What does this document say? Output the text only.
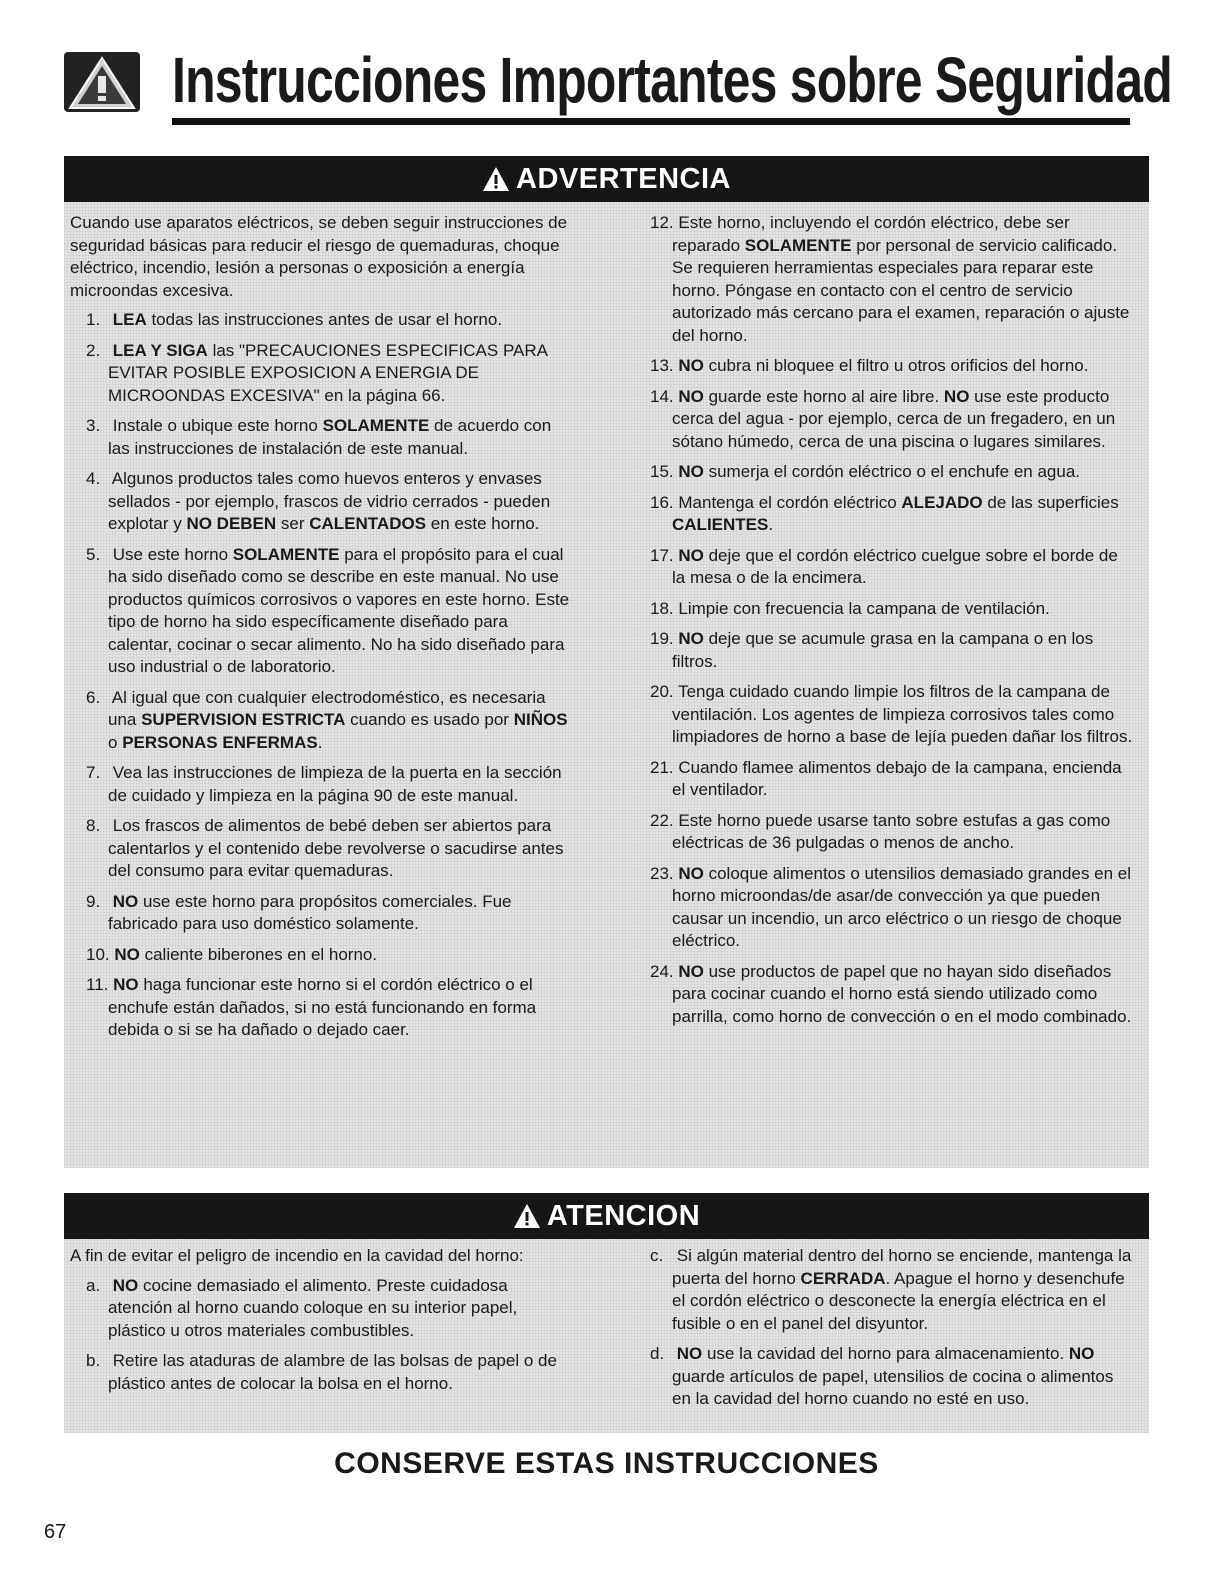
Instrucciones Importantes sobre Seguridad
ADVERTENCIA

Cuando use aparatos eléctricos, se deben seguir instrucciones de seguridad básicas para reducir el riesgo de quemaduras, choque eléctrico, incendio, lesión a personas o exposición a energía microondas excesiva.

1. LEA todas las instrucciones antes de usar el horno.

2. LEA Y SIGA las "PRECAUCIONES ESPECIFICAS PARA EVITAR POSIBLE EXPOSICION A ENERGIA DE MICROONDAS EXCESIVA" en la página 66.

3. Instale o ubique este horno SOLAMENTE de acuerdo con las instrucciones de instalación de este manual.

4. Algunos productos tales como huevos enteros y envases sellados - por ejemplo, frascos de vidrio cerrados - pueden explotar y NO DEBEN ser CALENTADOS en este horno.

5. Use este horno SOLAMENTE para el propósito para el cual ha sido diseñado como se describe en este manual. No use productos químicos corrosivos o vapores en este horno. Este tipo de horno ha sido específicamente diseñado para calentar, cocinar o secar alimento. No ha sido diseñado para uso industrial o de laboratorio.

6. Al igual que con cualquier electrodoméstico, es necesaria una SUPERVISION ESTRICTA cuando es usado por NIÑOS o PERSONAS ENFERMAS.

7. Vea las instrucciones de limpieza de la puerta en la sección de cuidado y limpieza en la página 90 de este manual.

8. Los frascos de alimentos de bebé deben ser abiertos para calentarlos y el contenido debe revolverse o sacudirse antes del consumo para evitar quemaduras.

9. NO use este horno para propósitos comerciales. Fue fabricado para uso doméstico solamente.

10. NO caliente biberones en el horno.

11. NO haga funcionar este horno si el cordón eléctrico o el enchufe están dañados, si no está funcionando en forma debida o si se ha dañado o dejado caer.

12. Este horno, incluyendo el cordón eléctrico, debe ser reparado SOLAMENTE por personal de servicio calificado. Se requieren herramientas especiales para reparar este horno. Póngase en contacto con el centro de servicio autorizado más cercano para el examen, reparación o ajuste del horno.

13. NO cubra ni bloquee el filtro u otros orificios del horno.

14. NO guarde este horno al aire libre. NO use este producto cerca del agua - por ejemplo, cerca de un fregadero, en un sótano húmedo, cerca de una piscina o lugares similares.

15. NO sumerja el cordón eléctrico o el enchufe en agua.

16. Mantenga el cordón eléctrico ALEJADO de las superficies CALIENTES.

17. NO deje que el cordón eléctrico cuelgue sobre el borde de la mesa o de la encimera.

18. Limpie con frecuencia la campana de ventilación.

19. NO deje que se acumule grasa en la campana o en los filtros.

20. Tenga cuidado cuando limpie los filtros de la campana de ventilación. Los agentes de limpieza corrosivos tales como limpiadores de horno a base de lejía pueden dañar los filtros.

21. Cuando flamee alimentos debajo de la campana, encienda el ventilador.

22. Este horno puede usarse tanto sobre estufas a gas como eléctricas de 36 pulgadas o menos de ancho.

23. NO coloque alimentos o utensilios demasiado grandes en el horno microondas/de asar/de convección ya que pueden causar un incendio, un arco eléctrico o un riesgo de choque eléctrico.

24. NO use productos de papel que no hayan sido diseñados para cocinar cuando el horno está siendo utilizado como parrilla, como horno de convección o en el modo combinado.

ATENCION

A fin de evitar el peligro de incendio en la cavidad del horno:

a. NO cocine demasiado el alimento. Preste cuidadosa atención al horno cuando coloque en su interior papel, plástico u otros materiales combustibles.

b. Retire las ataduras de alambre de las bolsas de papel o de plástico antes de colocar la bolsa en el horno.

c. Si algún material dentro del horno se enciende, mantenga la puerta del horno CERRADA. Apague el horno y desenchufe el cordón eléctrico o desconecte la energía eléctrica en el fusible o en el panel del disyuntor.

d. NO use la cavidad del horno para almacenamiento. NO guarde artículos de papel, utensilios de cocina o alimentos en la cavidad del horno cuando no esté en uso.

CONSERVE ESTAS INSTRUCCIONES
67
